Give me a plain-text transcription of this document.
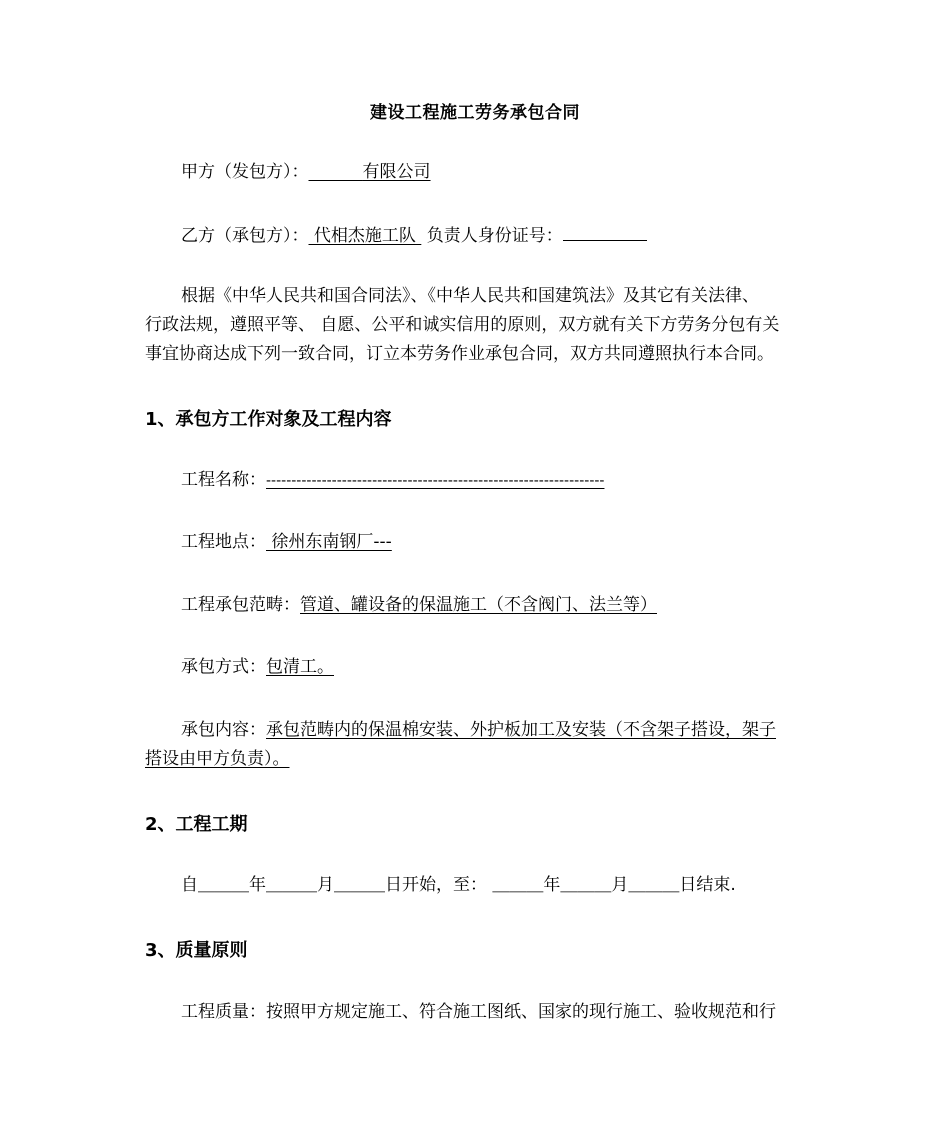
建设工程施工劳务承包合同
甲方（发包方）：	有限公司
乙方（承包方）： 代相杰施工队  负责人身份证号：
根据《中华人民共和国合同法》、《中华人民共和国建筑法》及其它有关法律、
行政法规，遵照平等、 自愿、公平和诚实信用的原则，双方就有关下方劳务分包有关
事宜协商达成下列一致合同，订立本劳务作业承包合同，双方共同遵照执行本合同。
1、承包方工作对象及工程内容
工程名称：-------------------------------------------------------------------
工程地点： 徐州东南钢厂---
工程承包范畴：管道、罐设备的保温施工（不含阀门、法兰等）
承包方式：包清工。
承包内容：承包范畴内的保温棉安装、外护板加工及安装（不含架子搭设，架子
搭设由甲方负责）。
2、工程工期
自＿＿＿年＿＿＿月＿＿＿日开始，至： ＿＿＿年＿＿＿月＿＿＿日结束.
3、质量原则
工程质量：按照甲方规定施工、符合施工图纸、国家的现行施工、验收规范和行
